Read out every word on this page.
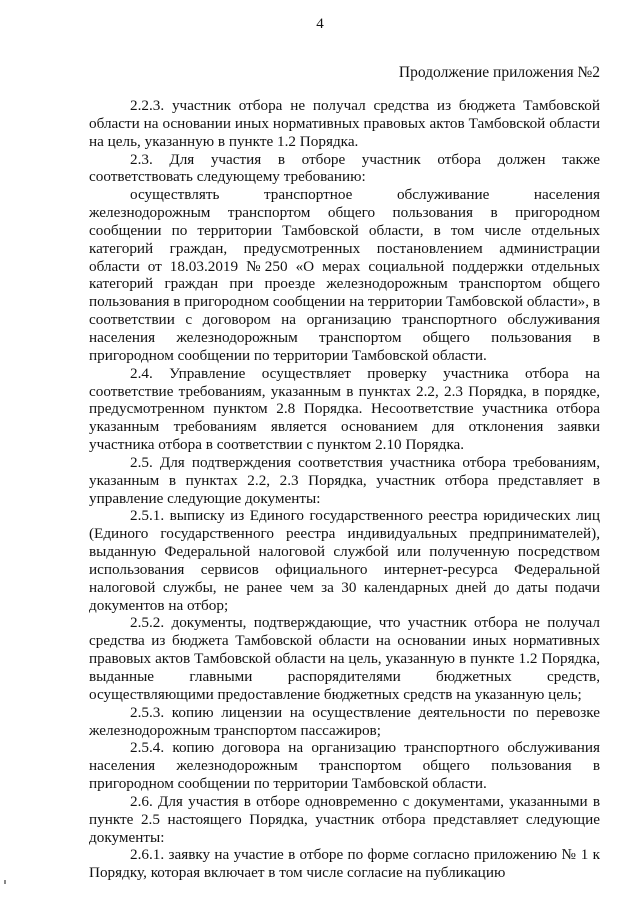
4
Продолжение приложения №2

2.2.3. участник отбора не получал средства из бюджета Тамбовской области на основании иных нормативных правовых актов Тамбовской области на цель, указанную в пункте 1.2 Порядка.

2.3. Для участия в отборе участник отбора должен также соответствовать следующему требованию:

осуществлять транспортное обслуживание населения железнодорожным транспортом общего пользования в пригородном сообщении по территории Тамбовской области, в том числе отдельных категорий граждан, предусмотренных постановлением администрации области от 18.03.2019 №250 «О мерах социальной поддержки отдельных категорий граждан при проезде железнодорожным транспортом общего пользования в пригородном сообщении на территории Тамбовской области», в соответствии с договором на организацию транспортного обслуживания населения железнодорожным транспортом общего пользования в пригородном сообщении по территории Тамбовской области.

2.4. Управление осуществляет проверку участника отбора на соответствие требованиям, указанным в пунктах 2.2, 2.3 Порядка, в порядке, предусмотренном пунктом 2.8 Порядка. Несоответствие участника отбора указанным требованиям является основанием для отклонения заявки участника отбора в соответствии с пунктом 2.10 Порядка.

2.5. Для подтверждения соответствия участника отбора требованиям, указанным в пунктах 2.2, 2.3 Порядка, участник отбора представляет в управление следующие документы:

2.5.1. выписку из Единого государственного реестра юридических лиц (Единого государственного реестра индивидуальных предпринимателей), выданную Федеральной налоговой службой или полученную посредством использования сервисов официального интернет-ресурса Федеральной налоговой службы, не ранее чем за 30 календарных дней до даты подачи документов на отбор;

2.5.2. документы, подтверждающие, что участник отбора не получал средства из бюджета Тамбовской области на основании иных нормативных правовых актов Тамбовской области на цель, указанную в пункте 1.2 Порядка, выданные главными распорядителями бюджетных средств, осуществляющими предоставление бюджетных средств на указанную цель;

2.5.3. копию лицензии на осуществление деятельности по перевозке железнодорожным транспортом пассажиров;

2.5.4. копию договора на организацию транспортного обслуживания населения железнодорожным транспортом общего пользования в пригородном сообщении по территории Тамбовской области.

2.6. Для участия в отборе одновременно с документами, указанными в пункте 2.5 настоящего Порядка, участник отбора представляет следующие документы:

2.6.1. заявку на участие в отборе по форме согласно приложению № 1 к Порядку, которая включает в том числе согласие на публикацию
